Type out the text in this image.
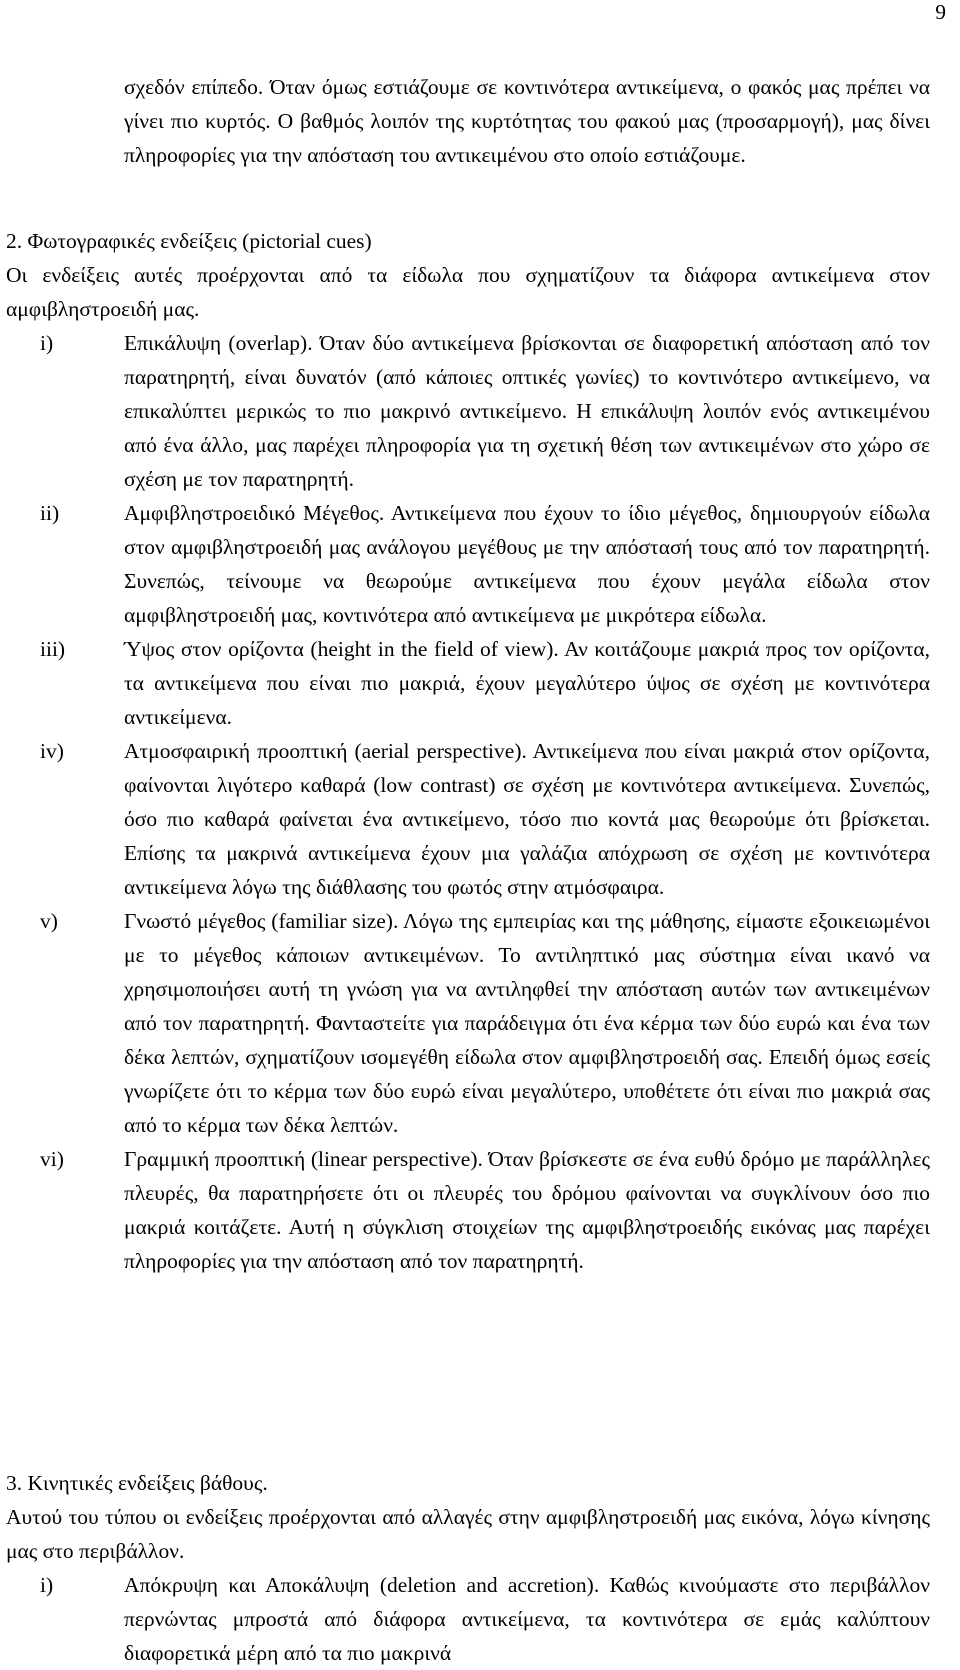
9

σχεδόν επίπεδο. Όταν όμως εστιάζουμε σε κοντινότερα αντικείμενα, ο φακός μας πρέπει να γίνει πιο κυρτός. Ο βαθμός λοιπόν της κυρτότητας του φακού μας (προσαρμογή), μας δίνει πληροφορίες για την απόσταση του αντικειμένου στο οποίο εστιάζουμε.

2. Φωτογραφικές ενδείξεις (pictorial cues)

Οι ενδείξεις αυτές προέρχονται από τα είδωλα που σχηματίζουν τα διάφορα αντικείμενα στον αμφιβληστροειδή μας.

i)	Επικάλυψη (overlap). Όταν δύο αντικείμενα βρίσκονται σε διαφορετική απόσταση από τον παρατηρητή, είναι δυνατόν (από κάποιες οπτικές γωνίες) το κοντινότερο αντικείμενο, να επικαλύπτει μερικώς το πιο μακρινό αντικείμενο. Η επικάλυψη λοιπόν ενός αντικειμένου από ένα άλλο, μας παρέχει πληροφορία για τη σχετική θέση των αντικειμένων στο χώρο σε σχέση με τον παρατηρητή.
ii)	Αμφιβληστροειδικό Μέγεθος. Αντικείμενα που έχουν το ίδιο μέγεθος, δημιουργούν είδωλα στον αμφιβληστροειδή μας ανάλογου μεγέθους με την απόστασή τους από τον παρατηρητή. Συνεπώς, τείνουμε να θεωρούμε αντικείμενα που έχουν μεγάλα είδωλα στον αμφιβληστροειδή μας, κοντινότερα από αντικείμενα με μικρότερα είδωλα.
iii)	Ύψος στον ορίζοντα (height in the field of view). Αν κοιτάζουμε μακριά προς τον ορίζοντα, τα αντικείμενα που είναι πιο μακριά, έχουν μεγαλύτερο ύψος σε σχέση με κοντινότερα αντικείμενα.
iv)	Ατμοσφαιρική προοπτική (aerial perspective). Αντικείμενα που είναι μακριά στον ορίζοντα, φαίνονται λιγότερο καθαρά (low contrast) σε σχέση με κοντινότερα αντικείμενα. Συνεπώς, όσο πιο καθαρά φαίνεται ένα αντικείμενο, τόσο πιο κοντά μας θεωρούμε ότι βρίσκεται. Επίσης τα μακρινά αντικείμενα έχουν μια γαλάζια απόχρωση σε σχέση με κοντινότερα αντικείμενα λόγω της διάθλασης του φωτός στην ατμόσφαιρα.
v)	Γνωστό μέγεθος (familiar size). Λόγω της εμπειρίας και της μάθησης, είμαστε εξοικειωμένοι με το μέγεθος κάποιων αντικειμένων. Το αντιληπτικό μας σύστημα είναι ικανό να χρησιμοποιήσει αυτή τη γνώση για να αντιληφθεί την απόσταση αυτών των αντικειμένων από τον παρατηρητή. Φανταστείτε για παράδειγμα ότι ένα κέρμα των δύο ευρώ και ένα των δέκα λεπτών, σχηματίζουν ισομεγέθη είδωλα στον αμφιβληστροειδή σας. Επειδή όμως εσείς γνωρίζετε ότι το κέρμα των δύο ευρώ είναι μεγαλύτερο, υποθέτετε ότι είναι πιο μακριά σας από το κέρμα των δέκα λεπτών.
vi)	Γραμμική προοπτική (linear perspective). Όταν βρίσκεστε σε ένα ευθύ δρόμο με παράλληλες πλευρές, θα παρατηρήσετε ότι οι πλευρές του δρόμου φαίνονται να συγκλίνουν όσο πιο μακριά κοιτάζετε. Αυτή η σύγκλιση στοιχείων της αμφιβληστροειδής εικόνας μας παρέχει πληροφορίες για την απόσταση από τον παρατηρητή.

3. Κινητικές ενδείξεις βάθους.

Αυτού του τύπου οι ενδείξεις προέρχονται από αλλαγές στην αμφιβληστροειδή μας εικόνα, λόγω κίνησης μας στο περιβάλλον.

i)	Απόκρυψη και Αποκάλυψη (deletion and accretion). Καθώς κινούμαστε στο περιβάλλον περνώντας μπροστά από διάφορα αντικείμενα, τα κοντινότερα σε εμάς καλύπτουν διαφορετικά μέρη από τα πιο μακρινά
